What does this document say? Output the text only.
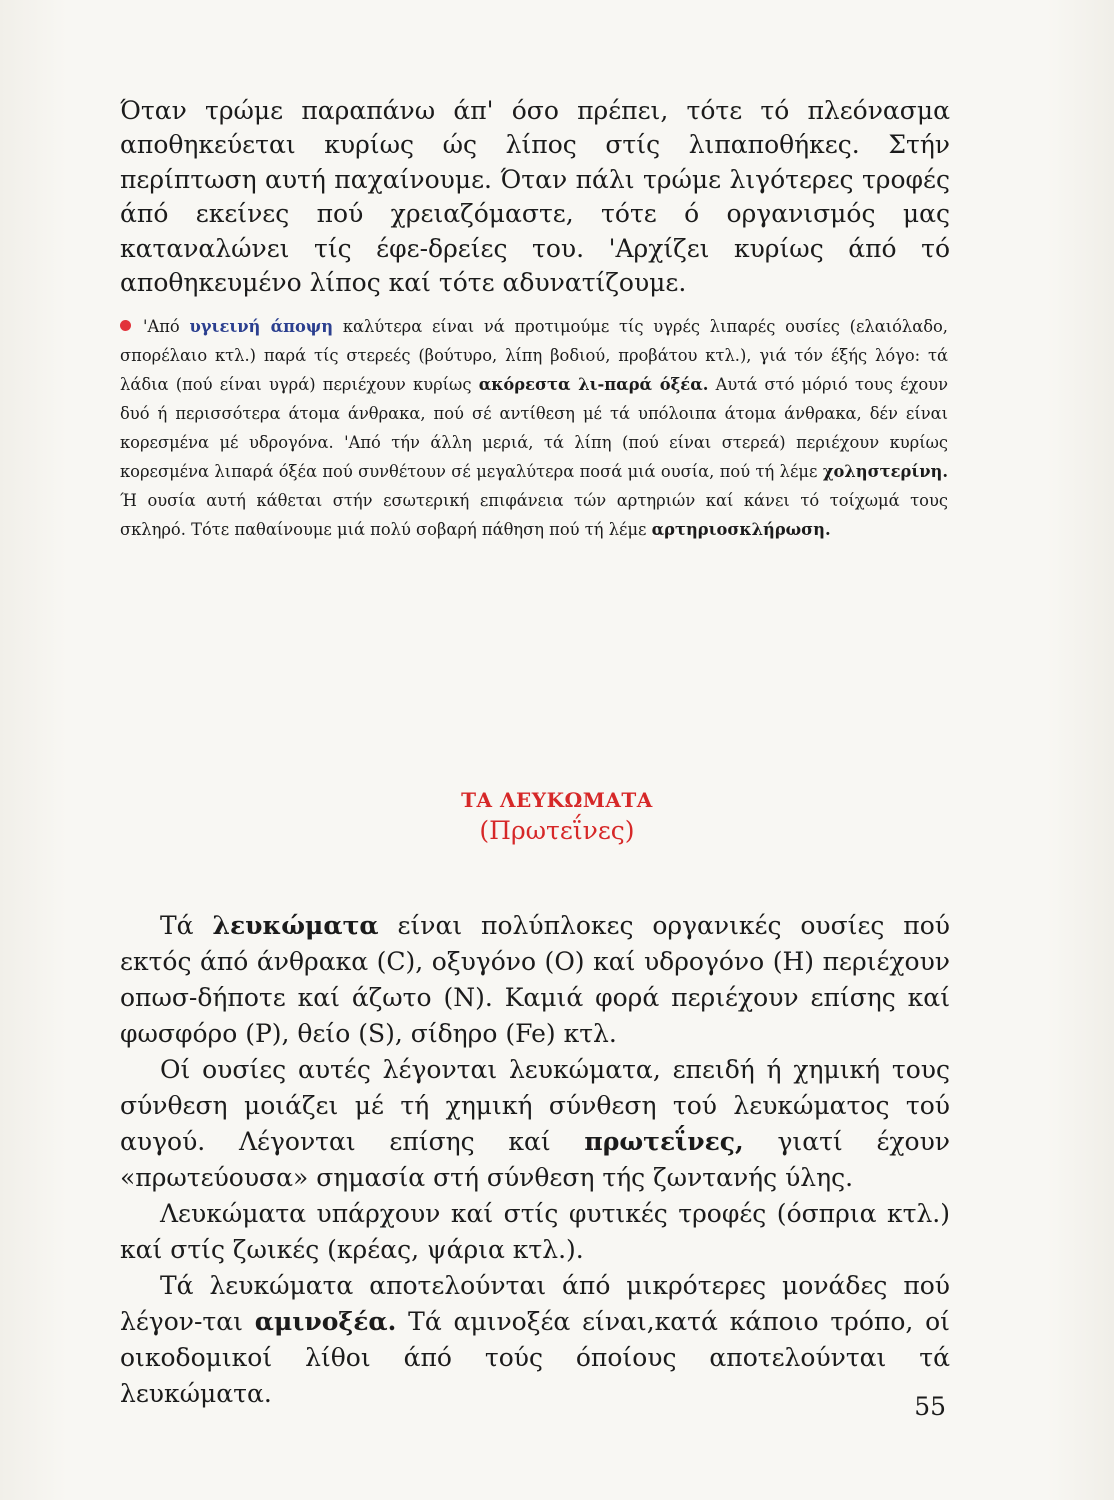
Όταν τρώμε παραπάνω άπ' όσο πρέπει, τότε τό πλεόνασμα αποθηκεύεται κυρίως ώς λίπος στίς λιπαποθήκες. Στήν περίπτωση αυτή παχαίνουμε. Όταν πάλι τρώμε λιγότερες τροφές άπό εκείνες πού χρειαζόμαστε, τότε ό οργανισμός μας καταναλώνει τίς έφε-δρείες του. 'Αρχίζει κυρίως άπό τό αποθηκευμένο λίπος καί τότε αδυνατίζουμε.

'Από υγιεινή άποψη καλύτερα είναι νά προτιμούμε τίς υγρές λιπαρές ουσίες (ελαιόλαδο, σπορέλαιο κτλ.) παρά τίς στερεές (βούτυρο, λίπη βοδιού, προβάτου κτλ.), γιά τόν έξής λόγο: τά λάδια (πού είναι υγρά) περιέχουν κυρίως ακόρεστα λι-παρά όξέα. Αυτά στό μόριό τους έχουν δυό ή περισσότερα άτομα άνθρακα, πού σέ αντίθεση μέ τά υπόλοιπα άτομα άνθρακα, δέν είναι κορεσμένα μέ υδρογόνα. 'Από τήν άλλη μεριά, τά λίπη (πού είναι στερεά) περιέχουν κυρίως κορεσμένα λιπαρά όξέα πού συνθέτουν σέ μεγαλύτερα ποσά μιά ουσία, πού τή λέμε χοληστερίνη. Ή ουσία αυτή κάθεται στήν εσωτερική επιφάνεια τών αρτηριών καί κάνει τό τοίχωμά τους σκληρό. Τότε παθαίνουμε μιά πολύ σοβαρή πάθηση πού τή λέμε αρτηριοσκλήρωση.

ΤΑ ΛΕΥΚΩΜΑΤΑ
(Πρωτεΐνες)
Τά λευκώματα είναι πολύπλοκες οργανικές ουσίες πού εκτός άπό άνθρακα (C), οξυγόνο (Ο) καί υδρογόνο (Η) περιέχουν οπωσ-δήποτε καί άζωτο (Ν). Καμιά φορά περιέχουν επίσης καί φωσφόρο (Ρ), θείο (S), σίδηρο (Fe) κτλ.
Οί ουσίες αυτές λέγονται λευκώματα, επειδή ή χημική τους σύνθεση μοιάζει μέ τή χημική σύνθεση τού λευκώματος τού αυγού. Λέγονται επίσης καί πρωτεΐνες, γιατί έχουν «πρωτεύουσα» σημασία στή σύνθεση τής ζωντανής ύλης.
Λευκώματα υπάρχουν καί στίς φυτικές τροφές (όσπρια κτλ.) καί στίς ζωικές (κρέας, ψάρια κτλ.).
Τά λευκώματα αποτελούνται άπό μικρότερες μονάδες πού λέγον-ται αμινοξέα. Τά αμινοξέα είναι,κατά κάποιο τρόπο, οί οικοδομικοί λίθοι άπό τούς όποίους αποτελούνται τά λευκώματα.	55
